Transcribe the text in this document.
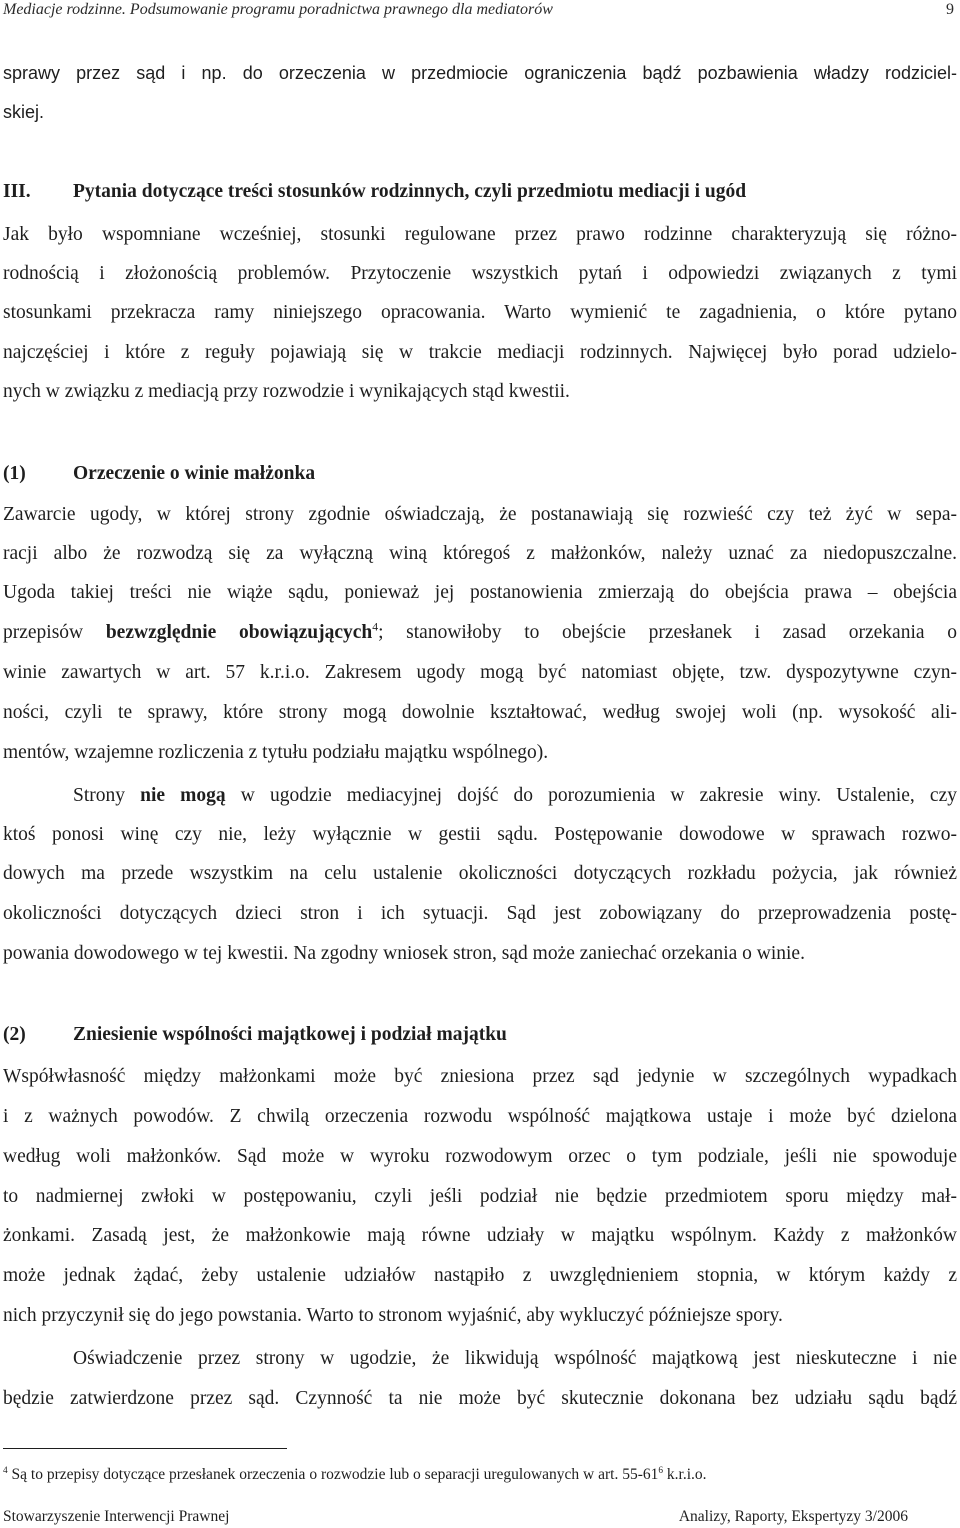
Mediacje rodzinne. Podsumowanie programu poradnictwa prawnego dla mediatorów	9
sprawy przez sąd i np. do orzeczenia w przedmiocie ograniczenia bądź pozbawienia władzy rodziciel-
skiej.
III. Pytania dotyczące treści stosunków rodzinnych, czyli przedmiotu mediacji i ugód
Jak było wspomniane wcześniej, stosunki regulowane przez prawo rodzinne charakteryzują się różno-
rodnością i złożonością problemów. Przytoczenie wszystkich pytań i odpowiedzi związanych z tymi
stosunkami przekracza ramy niniejszego opracowania. Warto wymienić te zagadnienia, o które pytano
najczęściej i które z reguły pojawiają się w trakcie mediacji rodzinnych. Najwięcej było porad udzielo-
nych w związku z mediacją przy rozwodzie i wynikających stąd kwestii.
(1) Orzeczenie o winie małżonka
Zawarcie ugody, w której strony zgodnie oświadczają, że postanawiają się rozwieść czy też żyć w sepa-
racji albo że rozwodzą się za wyłączną winą któregoś z małżonków, należy uznać za niedopuszczalne.
Ugoda takiej treści nie wiąże sądu, ponieważ jej postanowienia zmierzają do obejścia prawa – obejścia
przepisów bezwzględnie obowiązujących$^4$; stanowiłoby to obejście przesłanek i zasad orzekania o
winie zawartych w art. 57 k.r.i.o. Zakresem ugody mogą być natomiast objęte, tzw. dyspozytywne czyn-
ności, czyli te sprawy, które strony mogą dowolnie kształtować, według swojej woli (np. wysokość ali-
mentów, wzajemne rozliczenia z tytułu podziału majątku wspólnego).
Strony nie mogą w ugodzie mediacyjnej dojść do porozumienia w zakresie winy. Ustalenie, czy
ktoś ponosi winę czy nie, leży wyłącznie w gestii sądu. Postępowanie dowodowe w sprawach rozwo-
dowych ma przede wszystkim na celu ustalenie okoliczności dotyczących rozkładu pożycia, jak również
okoliczności dotyczących dzieci stron i ich sytuacji. Sąd jest zobowiązany do przeprowadzenia postę-
powania dowodowego w tej kwestii. Na zgodny wniosek stron, sąd może zaniechać orzekania o winie.
(2) Zniesienie wspólności majątkowej i podział majątku
Współwłasność między małżonkami może być zniesiona przez sąd jedynie w szczególnych wypadkach
i z ważnych powodów. Z chwilą orzeczenia rozwodu wspólność majątkowa ustaje i może być dzielona
według woli małżonków. Sąd może w wyroku rozwodowym orzec o tym podziale, jeśli nie spowoduje
to nadmiernej zwłoki w postępowaniu, czyli jeśli podział nie będzie przedmiotem sporu między mał-
żonkami. Zasadą jest, że małżonkowie mają równe udziały w majątku wspólnym. Każdy z małżonków
może jednak żądać, żeby ustalenie udziałów nastąpiło z uwzględnieniem stopnia, w którym każdy z
nich przyczynił się do jego powstania. Warto to stronom wyjaśnić, aby wykluczyć późniejsze spory.
Oświadczenie przez strony w ugodzie, że likwidują wspólność majątkową jest nieskuteczne i nie
będzie zatwierdzone przez sąd. Czynność ta nie może być skutecznie dokonana bez udziału sądu bądź
$^4$ Są to przepisy dotyczące przesłanek orzeczenia o rozwodzie lub o separacji uregulowanych w art. $55-61^6$ k.r.i.o.
Stowarzyszenie Interwencji Prawnej	Analizy, Raporty, Ekspertyzy 3/2006
